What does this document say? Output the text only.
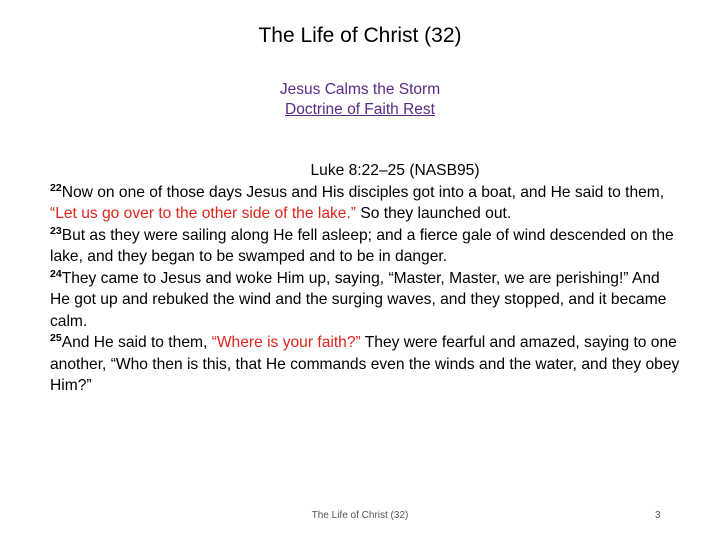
The Life of Christ (32)
Jesus Calms the Storm
Doctrine of Faith Rest

Luke 8:22–25 (NASB95)

$^{22}$Now on one of those days Jesus and His disciples got into a boat, and He said to them, “Let us go over to the other side of the lake.” So they launched out.

$^{23}$But as they were sailing along He fell asleep; and a fierce gale of wind descended on the lake, and they began to be swamped and to be in danger.

$^{24}$They came to Jesus and woke Him up, saying, “Master, Master, we are perishing!” And He got up and rebuked the wind and the surging waves, and they stopped, and it became calm.

$^{25}$And He said to them, “Where is your faith?” They were fearful and amazed, saying to one another, “Who then is this, that He commands even the winds and the water, and they obey Him?”

The Life of Christ (32)	3
